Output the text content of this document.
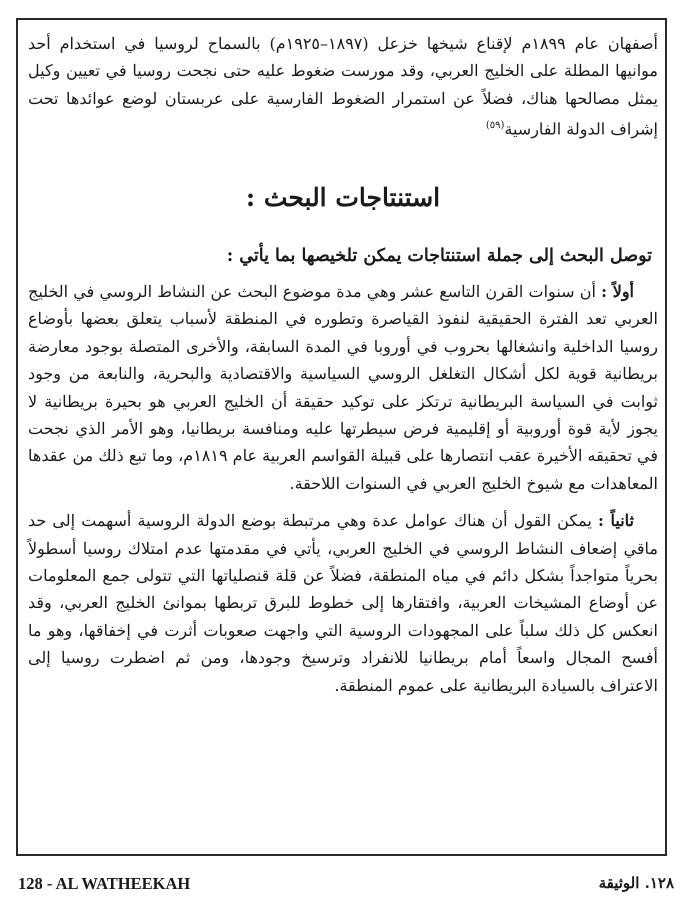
أصفهان عام ١٨٩٩م لإقناع شيخها خزعل (١٨٩٧–١٩٢٥م) بالسماح لروسيا في استخدام أحد موانيها المطلة على الخليج العربي، وقد مورست ضغوط عليه حتى نجحت روسيا في تعيين وكيل يمثل مصالحها هناك، فضلاً عن استمرار الضغوط الفارسية على عربستان لوضع عوائدها تحت إشراف الدولة الفارسية$^{(٥٩)}$

استنتاجات البحث :

توصل البحث إلى جملة استنتاجات يمكن تلخيصها بما يأتي :

أولاً : أن سنوات القرن التاسع عشر وهي مدة موضوع البحث عن النشاط الروسي في الخليج العربي تعد الفترة الحقيقية لنفوذ القياصرة وتطوره في المنطقة لأسباب يتعلق بعضها بأوضاع روسيا الداخلية وانشغالها بحروب في أوروبا في المدة السابقة، والأخرى المتصلة بوجود معارضة بريطانية قوية لكل أشكال التغلغل الروسي السياسية والاقتصادية والبحرية، والنابعة من وجود ثوابت في السياسة البريطانية ترتكز على توكيد حقيقة أن الخليج العربي هو بحيرة بريطانية لا يجوز لأية قوة أوروبية أو إقليمية فرض سيطرتها عليه ومنافسة بريطانيا، وهو الأمر الذي نجحت في تحقيقه الأخيرة عقب انتصارها على قبيلة القواسم العربية عام ١٨١٩م، وما تبع ذلك من عقدها المعاهدات مع شيوخ الخليج العربي في السنوات اللاحقة.

ثانياً : يمكن القول أن هناك عوامل عدة وهي مرتبطة بوضع الدولة الروسية أسهمت إلى حد ماقي إضعاف النشاط الروسي في الخليج العربي، يأتي في مقدمتها عدم امتلاك روسيا أسطولاً بحرياً متواجداً بشكل دائم في مياه المنطقة، فضلاً عن قلة قنصلياتها التي تتولى جمع المعلومات عن أوضاع المشيخات العربية، وافتقارها إلى خطوط للبرق تربطها بموانئ الخليج العربي، وقد انعكس كل ذلك سلباً على المجهودات الروسية التي واجهت صعوبات أثرت في إخفاقها، وهو ما أفسح المجال واسعاً أمام بريطانيا للانفراد وترسيخ وجودها، ومن ثم اضطرت روسيا إلى الاعتراف بالسيادة البريطانية على عموم المنطقة.

128 - AL WATHEEKAH	١٢٨. الوثيقة
